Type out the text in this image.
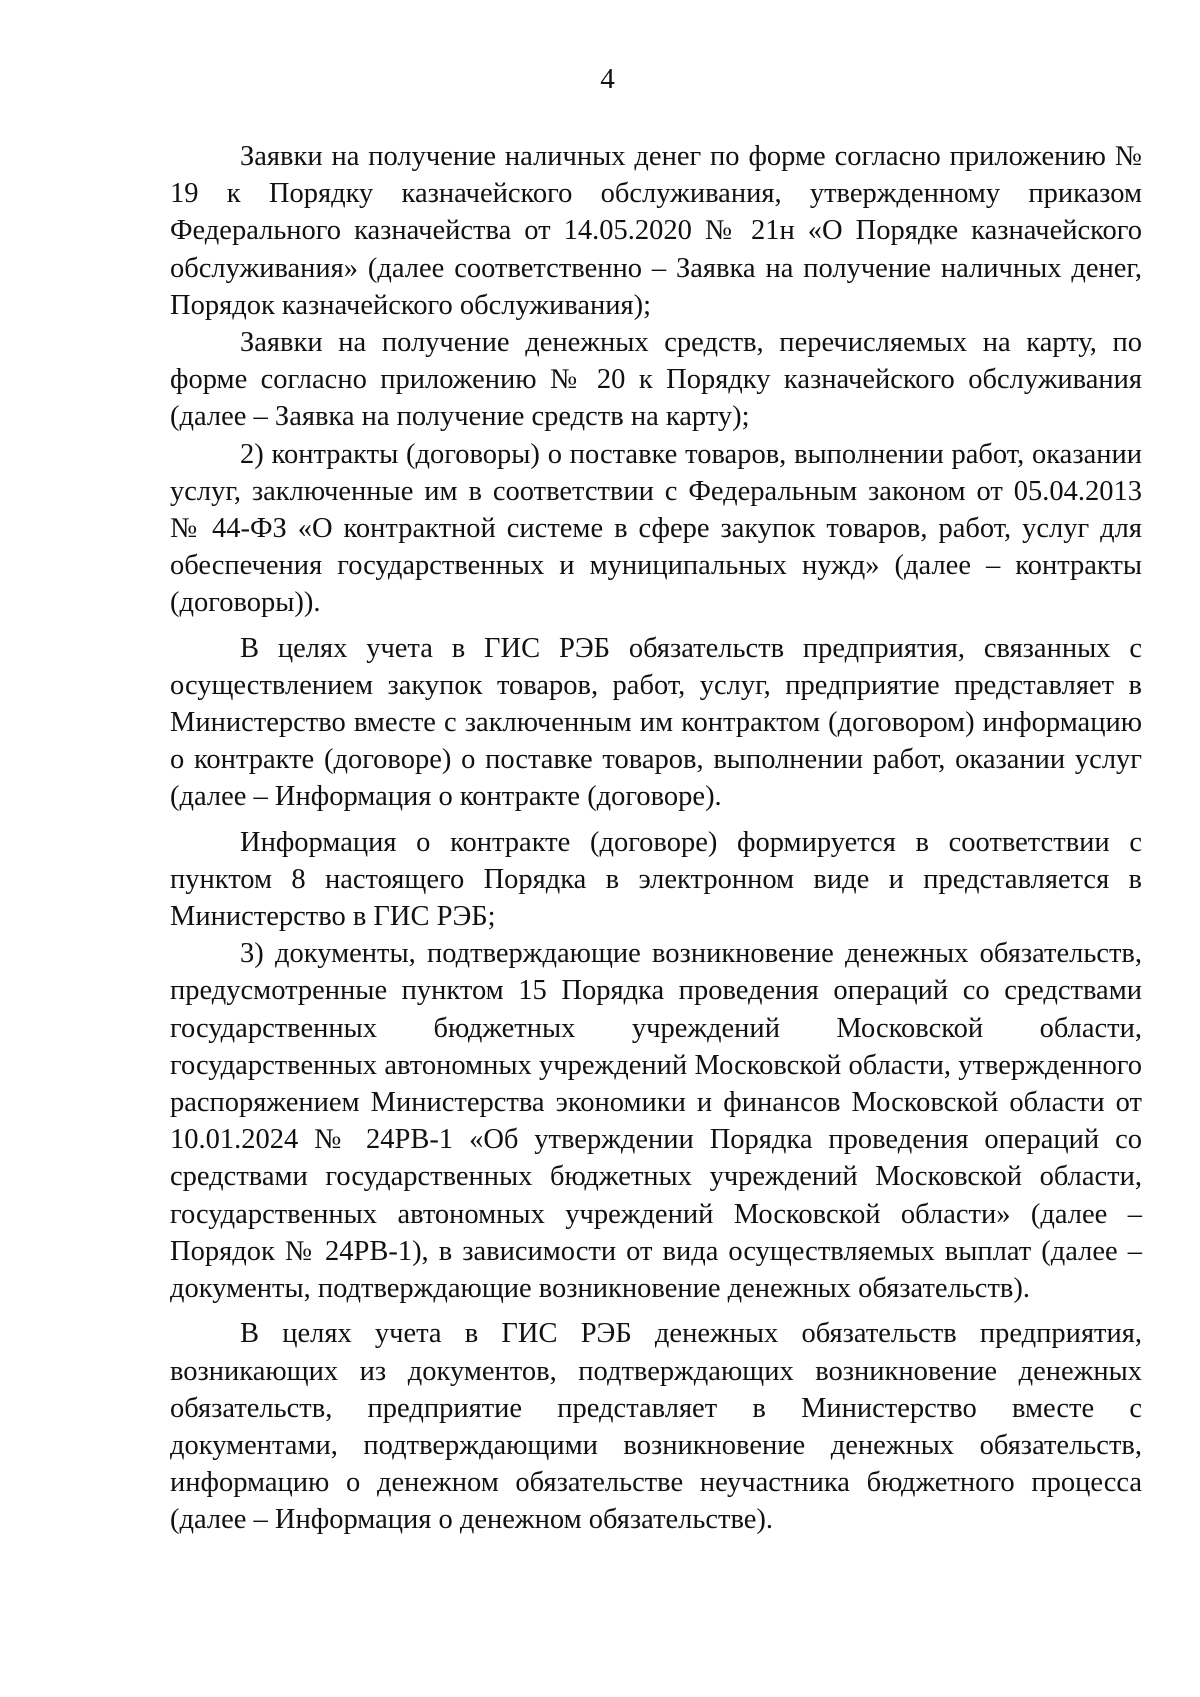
4

Заявки на получение наличных денег по форме согласно приложению № 19 к Порядку казначейского обслуживания, утвержденному приказом Федерального казначейства от 14.05.2020 № 21н «О Порядке казначейского обслуживания» (далее соответственно – Заявка на получение наличных денег, Порядок казначейского обслуживания);

Заявки на получение денежных средств, перечисляемых на карту, по форме согласно приложению № 20 к Порядку казначейского обслуживания (далее – Заявка на получение средств на карту);

2) контракты (договоры) о поставке товаров, выполнении работ, оказании услуг, заключенные им в соответствии с Федеральным законом от 05.04.2013 № 44-ФЗ «О контрактной системе в сфере закупок товаров, работ, услуг для обеспечения государственных и муниципальных нужд» (далее – контракты (договоры)).

В целях учета в ГИС РЭБ обязательств предприятия, связанных с осуществлением закупок товаров, работ, услуг, предприятие представляет в Министерство вместе с заключенным им контрактом (договором) информацию о контракте (договоре) о поставке товаров, выполнении работ, оказании услуг (далее – Информация о контракте (договоре).

Информация о контракте (договоре) формируется в соответствии с пунктом 8 настоящего Порядка в электронном виде и представляется в Министерство в ГИС РЭБ;

3) документы, подтверждающие возникновение денежных обязательств, предусмотренные пунктом 15 Порядка проведения операций со средствами государственных бюджетных учреждений Московской области, государственных автономных учреждений Московской области, утвержденного распоряжением Министерства экономики и финансов Московской области от 10.01.2024 № 24РВ-1 «Об утверждении Порядка проведения операций со средствами государственных бюджетных учреждений Московской области, государственных автономных учреждений Московской области» (далее – Порядок № 24РВ-1), в зависимости от вида осуществляемых выплат (далее – документы, подтверждающие возникновение денежных обязательств).

В целях учета в ГИС РЭБ денежных обязательств предприятия, возникающих из документов, подтверждающих возникновение денежных обязательств, предприятие представляет в Министерство вместе с документами, подтверждающими возникновение денежных обязательств, информацию о денежном обязательстве неучастника бюджетного процесса (далее – Информация о денежном обязательстве).
